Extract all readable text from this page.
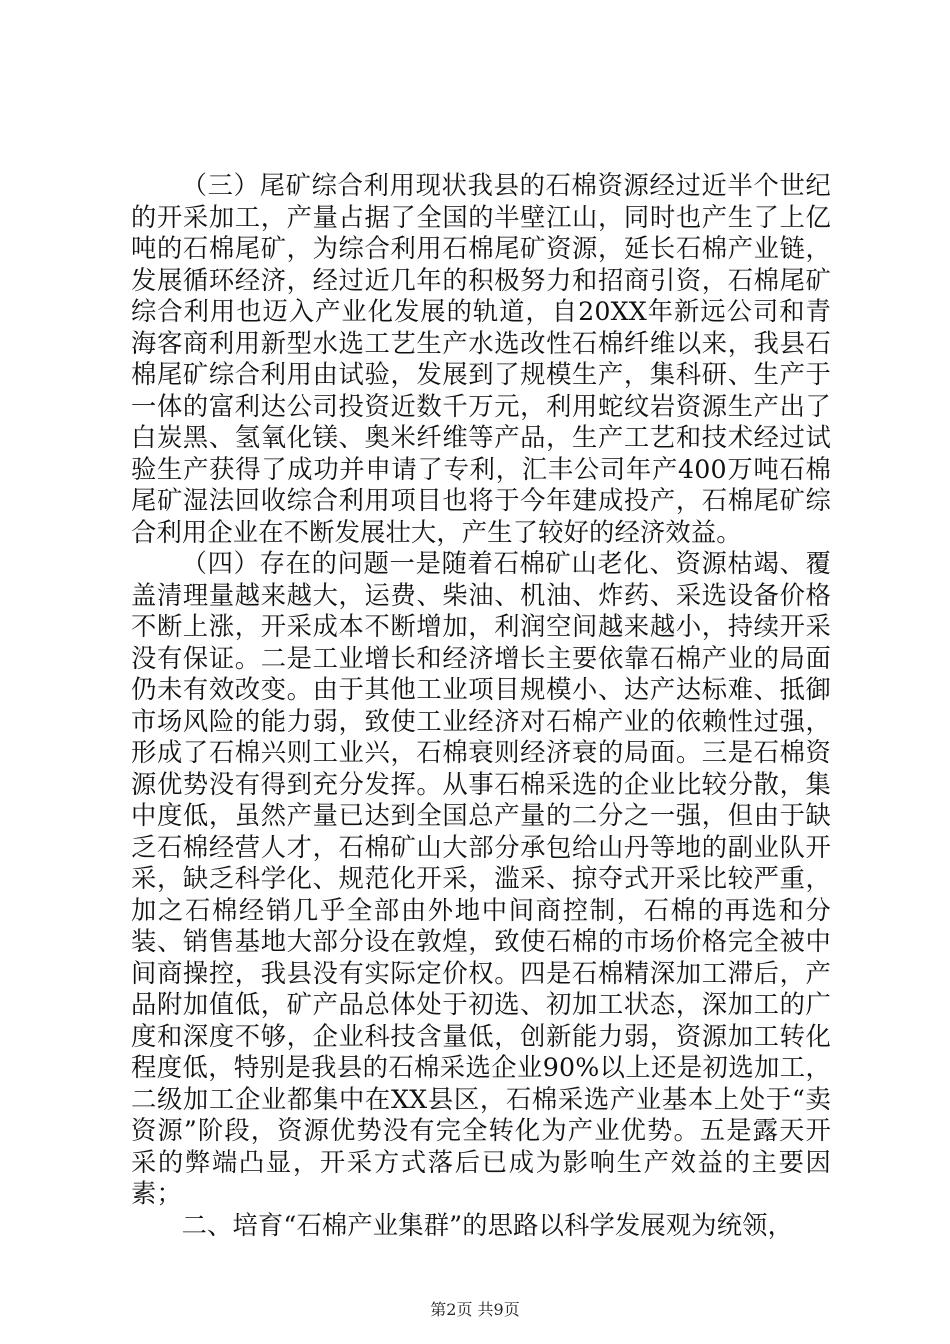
（三）尾矿综合利用现状我县的石棉资源经过近半个世纪的开采加工，产量占据了全国的半壁江山，同时也产生了上亿吨的石棉尾矿，为综合利用石棉尾矿资源，延长石棉产业链，发展循环经济，经过近几年的积极努力和招商引资，石棉尾矿综合利用也迈入产业化发展的轨道，自20XX年新远公司和青海客商利用新型水选工艺生产水选改性石棉纤维以来，我县石棉尾矿综合利用由试验，发展到了规模生产，集科研、生产于一体的富利达公司投资近数千万元，利用蛇纹岩资源生产出了白炭黑、氢氧化镁、奥米纤维等产品，生产工艺和技术经过试验生产获得了成功并申请了专利，汇丰公司年产400万吨石棉尾矿湿法回收综合利用项目也将于今年建成投产，石棉尾矿综合利用企业在不断发展壮大，产生了较好的经济效益。

（四）存在的问题一是随着石棉矿山老化、资源枯竭、覆盖清理量越来越大，运费、柴油、机油、炸药、采选设备价格不断上涨，开采成本不断增加，利润空间越来越小，持续开采没有保证。二是工业增长和经济增长主要依靠石棉产业的局面仍未有效改变。由于其他工业项目规模小、达产达标难、抵御市场风险的能力弱，致使工业经济对石棉产业的依赖性过强，形成了石棉兴则工业兴，石棉衰则经济衰的局面。三是石棉资源优势没有得到充分发挥。从事石棉采选的企业比较分散，集中度低，虽然产量已达到全国总产量的二分之一强，但由于缺乏石棉经营人才，石棉矿山大部分承包给山丹等地的副业队开采，缺乏科学化、规范化开采，滥采、掠夺式开采比较严重，加之石棉经销几乎全部由外地中间商控制，石棉的再选和分装、销售基地大部分设在敦煌，致使石棉的市场价格完全被中间商操控，我县没有实际定价权。四是石棉精深加工滞后，产品附加值低，矿产品总体处于初选、初加工状态，深加工的广度和深度不够，企业科技含量低，创新能力弱，资源加工转化程度低，特别是我县的石棉采选企业90%以上还是初选加工，二级加工企业都集中在XX县区，石棉采选产业基本上处于“卖资源”阶段，资源优势没有完全转化为产业优势。五是露天开采的弊端凸显，开采方式落后已成为影响生产效益的主要因素；

二、培育“石棉产业集群”的思路以科学发展观为统领，

第2页 共9页
